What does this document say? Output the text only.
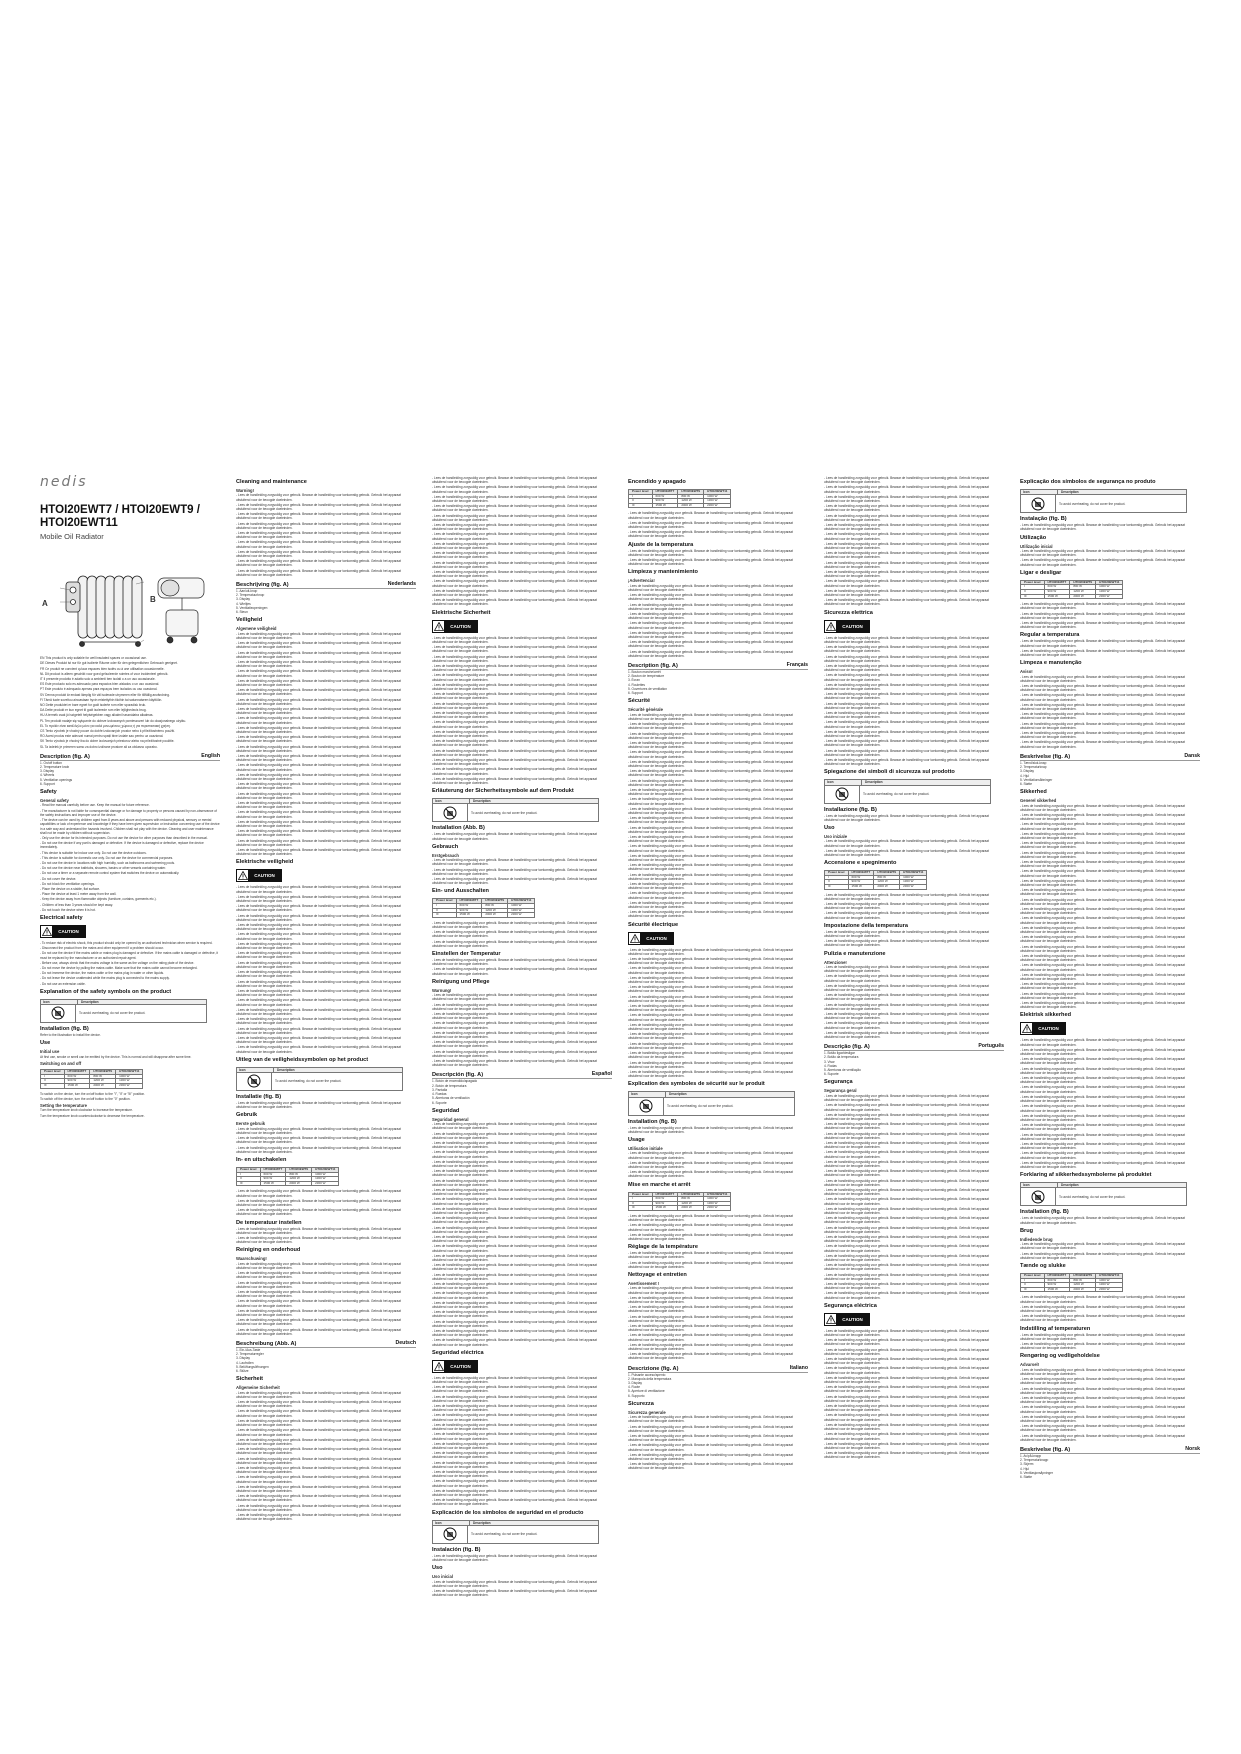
nedis
HTOI20EWT7 / HTOI20EWT9 / HTOI20EWT11
Mobile Oil Radiator
A	B
EN This product is only suitable for well insulated spaces or occasional use.
DE Dieses Produkt ist nur für gut isolierte Räume oder für den gelegentlichen Gebrauch geeignet.
FR Ce produit ne convient qu'aux espaces bien isolés ou à une utilisation occasionnelle.
NL Dit product is alleen geschikt voor goed geïsoleerde ruimtes of voor incidenteel gebruik.
IT Il presente prodotto è adatto solo a ambienti ben isolati o a un uso occasionale.
ES Este producto solo es adecuado para espacios bien aislados o un uso ocasional.
PT Este produto é adequado apenas para espaços bem isolados ou uso ocasional.
SV Denna produkt är endast lämplig för väl isolerade utrymmen eller för tillfällig användning.
FI Tämä tuote soveltuu ainoastaan hyvin eristettyihin tiloihin tai satunnaiseen käyttöön.
NO Dette produktet er bare egnet for godt isolerte rom eller sporadisk bruk.
DA Dette produkt er kun egnet til godt isolerede rum eller lejlighedsvis brug.
HU A termék csak jól szigetelt helyiségekben vagy alkalmi használatra alkalmas.
PL Ten produkt nadaje się wyłącznie do dobrze izolowanych pomieszczeń lub do okazjonalnego użytku.
EL Το προϊόν είναι κατάλληλο μόνο για καλά μονωμένους χώρους ή για περιστασιακή χρήση.
CS Tento výrobek je vhodný pouze do dobře izolovaných prostor nebo k příležitostnému použití.
RO Acest produs este adecvat numai pentru spații bine izolate sau pentru uz ocazional.
SK Tento výrobok je vhodný iba do dobre izolovaných priestorov alebo na príležitostné použitie.
SL Ta izdelek je primeren samo za dobro izolirane prostore ali za občasno uporabo.
English
Description (fig. A)
1. On/off button
2. Temperature knob
3. Display
4. Wheels
5. Ventilation openings
6. Support
Safety
General safety
- Read the manual carefully before use. Keep the manual for future reference.
- The manufacturer is not liable for consequential damage or for damage to property or persons caused by non-observance of the safety instructions and improper use of the device.
- The device can be used by children aged from 8 years and above and persons with reduced physical, sensory or mental capabilities or lack of experience and knowledge if they have been given supervision or instruction concerning use of the device in a safe way and understand the hazards involved. Children shall not play with the device. Cleaning and user maintenance shall not be made by children without supervision.
- Only use the device for its intended purposes. Do not use the device for other purposes than described in the manual.
- Do not use the device if any part is damaged or defective. If the device is damaged or defective, replace the device immediately.
- This device is suitable for indoor use only. Do not use the device outdoors.
- This device is suitable for domestic use only. Do not use the device for commercial purposes.
- Do not use the device in locations with high humidity, such as bathrooms and swimming pools.
- Do not use the device near bathtubs, showers, basins or other vessels containing water.
- Do not use a timer or a separate remote control system that switches the device on automatically.
- Do not cover the device.
- Do not block the ventilation openings.
- Place the device on a stable, flat surface.
- Place the device at least 1 metre away from the wall.
- Keep the device away from flammable objects (furniture, curtains, garments etc.).
- Children of less than 3 years should be kept away.
- Do not touch the device when it is hot.
Electrical safety
CAUTION
- To reduce risk of electric shock, this product should only be opened by an authorized technician when service is required.
- Disconnect the product from the mains and other equipment if a problem should occur.
- Do not use the device if the mains cable or mains plug is damaged or defective. If the mains cable is damaged or defective, it must be replaced by the manufacturer or an authorized repair agent.
- Before use, always check that the mains voltage is the same as the voltage on the rating plate of the device.
- Do not move the device by pulling the mains cable. Make sure that the mains cable cannot become entangled.
- Do not immerse the device, the mains cable or the mains plug in water or other liquids.
- Do not leave the device unattended while the mains plug is connected to the mains supply.
- Do not use an extension cable.
Explanation of the safety symbols on the product
Icon	Description
To avoid overheating, do not cover the product.
Installation (fig. B)
Refer to the illustration to install the device.
Use
Initial use
At first use, smoke or smell can be emitted by the device. This is normal and will disappear after some time.
Switching on and off
Power level	HTOI20EWT7	HTOI20EWT9	HTOI20EWT11
I	600 W	800 W	1000 W
II	900 W	1200 W	1300 W
III	1500 W	2000 W	2300 W
To switch on the device, turn the on/off button to the "I", "II" or "III" position.
To switch off the device, turn the on/off button to the "0" position.
Setting the temperature
Turn the temperature knob clockwise to increase the temperature.
Turn the temperature knob counterclockwise to decrease the temperature.
Cleaning and maintenance
Warning!
- Lees de handleiding zorgvuldig voor gebruik. Bewaar de handleiding voor toekomstig gebruik. Gebruik het apparaat uitsluitend voor de beoogde doeleinden.
- Lees de handleiding zorgvuldig voor gebruik. Bewaar de handleiding voor toekomstig gebruik. Gebruik het apparaat uitsluitend voor de beoogde doeleinden.
- Lees de handleiding zorgvuldig voor gebruik. Bewaar de handleiding voor toekomstig gebruik. Gebruik het apparaat uitsluitend voor de beoogde doeleinden.
- Lees de handleiding zorgvuldig voor gebruik. Bewaar de handleiding voor toekomstig gebruik. Gebruik het apparaat uitsluitend voor de beoogde doeleinden.
- Lees de handleiding zorgvuldig voor gebruik. Bewaar de handleiding voor toekomstig gebruik. Gebruik het apparaat uitsluitend voor de beoogde doeleinden.
- Lees de handleiding zorgvuldig voor gebruik. Bewaar de handleiding voor toekomstig gebruik. Gebruik het apparaat uitsluitend voor de beoogde doeleinden.
- Lees de handleiding zorgvuldig voor gebruik. Bewaar de handleiding voor toekomstig gebruik. Gebruik het apparaat uitsluitend voor de beoogde doeleinden.
- Lees de handleiding zorgvuldig voor gebruik. Bewaar de handleiding voor toekomstig gebruik. Gebruik het apparaat uitsluitend voor de beoogde doeleinden.
- Lees de handleiding zorgvuldig voor gebruik. Bewaar de handleiding voor toekomstig gebruik. Gebruik het apparaat uitsluitend voor de beoogde doeleinden.
Nederlands
Beschrijving (fig. A)
1. Aan/uit-knop
2. Temperatuurknop
3. Display
4. Wieltjes
5. Ventilatieopeningen
6. Steun
Veiligheid
Algemene veiligheid
- Lees de handleiding zorgvuldig voor gebruik. Bewaar de handleiding voor toekomstig gebruik. Gebruik het apparaat uitsluitend voor de beoogde doeleinden.
- Lees de handleiding zorgvuldig voor gebruik. Bewaar de handleiding voor toekomstig gebruik. Gebruik het apparaat uitsluitend voor de beoogde doeleinden.
- Lees de handleiding zorgvuldig voor gebruik. Bewaar de handleiding voor toekomstig gebruik. Gebruik het apparaat uitsluitend voor de beoogde doeleinden.
- Lees de handleiding zorgvuldig voor gebruik. Bewaar de handleiding voor toekomstig gebruik. Gebruik het apparaat uitsluitend voor de beoogde doeleinden.
- Lees de handleiding zorgvuldig voor gebruik. Bewaar de handleiding voor toekomstig gebruik. Gebruik het apparaat uitsluitend voor de beoogde doeleinden.
- Lees de handleiding zorgvuldig voor gebruik. Bewaar de handleiding voor toekomstig gebruik. Gebruik het apparaat uitsluitend voor de beoogde doeleinden.
- Lees de handleiding zorgvuldig voor gebruik. Bewaar de handleiding voor toekomstig gebruik. Gebruik het apparaat uitsluitend voor de beoogde doeleinden.
- Lees de handleiding zorgvuldig voor gebruik. Bewaar de handleiding voor toekomstig gebruik. Gebruik het apparaat uitsluitend voor de beoogde doeleinden.
- Lees de handleiding zorgvuldig voor gebruik. Bewaar de handleiding voor toekomstig gebruik. Gebruik het apparaat uitsluitend voor de beoogde doeleinden.
- Lees de handleiding zorgvuldig voor gebruik. Bewaar de handleiding voor toekomstig gebruik. Gebruik het apparaat uitsluitend voor de beoogde doeleinden.
- Lees de handleiding zorgvuldig voor gebruik. Bewaar de handleiding voor toekomstig gebruik. Gebruik het apparaat uitsluitend voor de beoogde doeleinden.
- Lees de handleiding zorgvuldig voor gebruik. Bewaar de handleiding voor toekomstig gebruik. Gebruik het apparaat uitsluitend voor de beoogde doeleinden.
- Lees de handleiding zorgvuldig voor gebruik. Bewaar de handleiding voor toekomstig gebruik. Gebruik het apparaat uitsluitend voor de beoogde doeleinden.
- Lees de handleiding zorgvuldig voor gebruik. Bewaar de handleiding voor toekomstig gebruik. Gebruik het apparaat uitsluitend voor de beoogde doeleinden.
- Lees de handleiding zorgvuldig voor gebruik. Bewaar de handleiding voor toekomstig gebruik. Gebruik het apparaat uitsluitend voor de beoogde doeleinden.
- Lees de handleiding zorgvuldig voor gebruik. Bewaar de handleiding voor toekomstig gebruik. Gebruik het apparaat uitsluitend voor de beoogde doeleinden.
- Lees de handleiding zorgvuldig voor gebruik. Bewaar de handleiding voor toekomstig gebruik. Gebruik het apparaat uitsluitend voor de beoogde doeleinden.
- Lees de handleiding zorgvuldig voor gebruik. Bewaar de handleiding voor toekomstig gebruik. Gebruik het apparaat uitsluitend voor de beoogde doeleinden.
- Lees de handleiding zorgvuldig voor gebruik. Bewaar de handleiding voor toekomstig gebruik. Gebruik het apparaat uitsluitend voor de beoogde doeleinden.
- Lees de handleiding zorgvuldig voor gebruik. Bewaar de handleiding voor toekomstig gebruik. Gebruik het apparaat uitsluitend voor de beoogde doeleinden.
- Lees de handleiding zorgvuldig voor gebruik. Bewaar de handleiding voor toekomstig gebruik. Gebruik het apparaat uitsluitend voor de beoogde doeleinden.
- Lees de handleiding zorgvuldig voor gebruik. Bewaar de handleiding voor toekomstig gebruik. Gebruik het apparaat uitsluitend voor de beoogde doeleinden.
- Lees de handleiding zorgvuldig voor gebruik. Bewaar de handleiding voor toekomstig gebruik. Gebruik het apparaat uitsluitend voor de beoogde doeleinden.
- Lees de handleiding zorgvuldig voor gebruik. Bewaar de handleiding voor toekomstig gebruik. Gebruik het apparaat uitsluitend voor de beoogde doeleinden.
Elektrische veiligheid
CAUTION
- Lees de handleiding zorgvuldig voor gebruik. Bewaar de handleiding voor toekomstig gebruik. Gebruik het apparaat uitsluitend voor de beoogde doeleinden.
- Lees de handleiding zorgvuldig voor gebruik. Bewaar de handleiding voor toekomstig gebruik. Gebruik het apparaat uitsluitend voor de beoogde doeleinden.
- Lees de handleiding zorgvuldig voor gebruik. Bewaar de handleiding voor toekomstig gebruik. Gebruik het apparaat uitsluitend voor de beoogde doeleinden.
- Lees de handleiding zorgvuldig voor gebruik. Bewaar de handleiding voor toekomstig gebruik. Gebruik het apparaat uitsluitend voor de beoogde doeleinden.
- Lees de handleiding zorgvuldig voor gebruik. Bewaar de handleiding voor toekomstig gebruik. Gebruik het apparaat uitsluitend voor de beoogde doeleinden.
- Lees de handleiding zorgvuldig voor gebruik. Bewaar de handleiding voor toekomstig gebruik. Gebruik het apparaat uitsluitend voor de beoogde doeleinden.
- Lees de handleiding zorgvuldig voor gebruik. Bewaar de handleiding voor toekomstig gebruik. Gebruik het apparaat uitsluitend voor de beoogde doeleinden.
- Lees de handleiding zorgvuldig voor gebruik. Bewaar de handleiding voor toekomstig gebruik. Gebruik het apparaat uitsluitend voor de beoogde doeleinden.
- Lees de handleiding zorgvuldig voor gebruik. Bewaar de handleiding voor toekomstig gebruik. Gebruik het apparaat uitsluitend voor de beoogde doeleinden.
- Lees de handleiding zorgvuldig voor gebruik. Bewaar de handleiding voor toekomstig gebruik. Gebruik het apparaat uitsluitend voor de beoogde doeleinden.
- Lees de handleiding zorgvuldig voor gebruik. Bewaar de handleiding voor toekomstig gebruik. Gebruik het apparaat uitsluitend voor de beoogde doeleinden.
- Lees de handleiding zorgvuldig voor gebruik. Bewaar de handleiding voor toekomstig gebruik. Gebruik het apparaat uitsluitend voor de beoogde doeleinden.
- Lees de handleiding zorgvuldig voor gebruik. Bewaar de handleiding voor toekomstig gebruik. Gebruik het apparaat uitsluitend voor de beoogde doeleinden.
- Lees de handleiding zorgvuldig voor gebruik. Bewaar de handleiding voor toekomstig gebruik. Gebruik het apparaat uitsluitend voor de beoogde doeleinden.
- Lees de handleiding zorgvuldig voor gebruik. Bewaar de handleiding voor toekomstig gebruik. Gebruik het apparaat uitsluitend voor de beoogde doeleinden.
- Lees de handleiding zorgvuldig voor gebruik. Bewaar de handleiding voor toekomstig gebruik. Gebruik het apparaat uitsluitend voor de beoogde doeleinden.
- Lees de handleiding zorgvuldig voor gebruik. Bewaar de handleiding voor toekomstig gebruik. Gebruik het apparaat uitsluitend voor de beoogde doeleinden.
- Lees de handleiding zorgvuldig voor gebruik. Bewaar de handleiding voor toekomstig gebruik. Gebruik het apparaat uitsluitend voor de beoogde doeleinden.
Uitleg van de veiligheidssymbolen op het product
Icon	Description
To avoid overheating, do not cover the product.
Installatie (fig. B)
- Lees de handleiding zorgvuldig voor gebruik. Bewaar de handleiding voor toekomstig gebruik. Gebruik het apparaat uitsluitend voor de beoogde doeleinden.
Gebruik
Eerste gebruik
- Lees de handleiding zorgvuldig voor gebruik. Bewaar de handleiding voor toekomstig gebruik. Gebruik het apparaat uitsluitend voor de beoogde doeleinden.
- Lees de handleiding zorgvuldig voor gebruik. Bewaar de handleiding voor toekomstig gebruik. Gebruik het apparaat uitsluitend voor de beoogde doeleinden.
- Lees de handleiding zorgvuldig voor gebruik. Bewaar de handleiding voor toekomstig gebruik. Gebruik het apparaat uitsluitend voor de beoogde doeleinden.
In- en uitschakelen
Power level	HTOI20EWT7	HTOI20EWT9	HTOI20EWT11
I	600 W	800 W	1000 W
II	900 W	1200 W	1300 W
III	1500 W	2000 W	2300 W
- Lees de handleiding zorgvuldig voor gebruik. Bewaar de handleiding voor toekomstig gebruik. Gebruik het apparaat uitsluitend voor de beoogde doeleinden.
- Lees de handleiding zorgvuldig voor gebruik. Bewaar de handleiding voor toekomstig gebruik. Gebruik het apparaat uitsluitend voor de beoogde doeleinden.
- Lees de handleiding zorgvuldig voor gebruik. Bewaar de handleiding voor toekomstig gebruik. Gebruik het apparaat uitsluitend voor de beoogde doeleinden.
De temperatuur instellen
- Lees de handleiding zorgvuldig voor gebruik. Bewaar de handleiding voor toekomstig gebruik. Gebruik het apparaat uitsluitend voor de beoogde doeleinden.
- Lees de handleiding zorgvuldig voor gebruik. Bewaar de handleiding voor toekomstig gebruik. Gebruik het apparaat uitsluitend voor de beoogde doeleinden.
Reiniging en onderhoud
Waarschuwing!
- Lees de handleiding zorgvuldig voor gebruik. Bewaar de handleiding voor toekomstig gebruik. Gebruik het apparaat uitsluitend voor de beoogde doeleinden.
- Lees de handleiding zorgvuldig voor gebruik. Bewaar de handleiding voor toekomstig gebruik. Gebruik het apparaat uitsluitend voor de beoogde doeleinden.
- Lees de handleiding zorgvuldig voor gebruik. Bewaar de handleiding voor toekomstig gebruik. Gebruik het apparaat uitsluitend voor de beoogde doeleinden.
- Lees de handleiding zorgvuldig voor gebruik. Bewaar de handleiding voor toekomstig gebruik. Gebruik het apparaat uitsluitend voor de beoogde doeleinden.
- Lees de handleiding zorgvuldig voor gebruik. Bewaar de handleiding voor toekomstig gebruik. Gebruik het apparaat uitsluitend voor de beoogde doeleinden.
- Lees de handleiding zorgvuldig voor gebruik. Bewaar de handleiding voor toekomstig gebruik. Gebruik het apparaat uitsluitend voor de beoogde doeleinden.
- Lees de handleiding zorgvuldig voor gebruik. Bewaar de handleiding voor toekomstig gebruik. Gebruik het apparaat uitsluitend voor de beoogde doeleinden.
- Lees de handleiding zorgvuldig voor gebruik. Bewaar de handleiding voor toekomstig gebruik. Gebruik het apparaat uitsluitend voor de beoogde doeleinden.
Deutsch
Beschreibung (Abb. A)
1. Ein-/Aus-Taste
2. Temperaturregler
3. Display
4. Laufrollen
5. Belüftungsöffnungen
6. Stütze
Sicherheit
Allgemeine Sicherheit
- Lees de handleiding zorgvuldig voor gebruik. Bewaar de handleiding voor toekomstig gebruik. Gebruik het apparaat uitsluitend voor de beoogde doeleinden.
- Lees de handleiding zorgvuldig voor gebruik. Bewaar de handleiding voor toekomstig gebruik. Gebruik het apparaat uitsluitend voor de beoogde doeleinden.
- Lees de handleiding zorgvuldig voor gebruik. Bewaar de handleiding voor toekomstig gebruik. Gebruik het apparaat uitsluitend voor de beoogde doeleinden.
- Lees de handleiding zorgvuldig voor gebruik. Bewaar de handleiding voor toekomstig gebruik. Gebruik het apparaat uitsluitend voor de beoogde doeleinden.
- Lees de handleiding zorgvuldig voor gebruik. Bewaar de handleiding voor toekomstig gebruik. Gebruik het apparaat uitsluitend voor de beoogde doeleinden.
- Lees de handleiding zorgvuldig voor gebruik. Bewaar de handleiding voor toekomstig gebruik. Gebruik het apparaat uitsluitend voor de beoogde doeleinden.
- Lees de handleiding zorgvuldig voor gebruik. Bewaar de handleiding voor toekomstig gebruik. Gebruik het apparaat uitsluitend voor de beoogde doeleinden.
- Lees de handleiding zorgvuldig voor gebruik. Bewaar de handleiding voor toekomstig gebruik. Gebruik het apparaat uitsluitend voor de beoogde doeleinden.
- Lees de handleiding zorgvuldig voor gebruik. Bewaar de handleiding voor toekomstig gebruik. Gebruik het apparaat uitsluitend voor de beoogde doeleinden.
- Lees de handleiding zorgvuldig voor gebruik. Bewaar de handleiding voor toekomstig gebruik. Gebruik het apparaat uitsluitend voor de beoogde doeleinden.
- Lees de handleiding zorgvuldig voor gebruik. Bewaar de handleiding voor toekomstig gebruik. Gebruik het apparaat uitsluitend voor de beoogde doeleinden.
- Lees de handleiding zorgvuldig voor gebruik. Bewaar de handleiding voor toekomstig gebruik. Gebruik het apparaat uitsluitend voor de beoogde doeleinden.
- Lees de handleiding zorgvuldig voor gebruik. Bewaar de handleiding voor toekomstig gebruik. Gebruik het apparaat uitsluitend voor de beoogde doeleinden.
- Lees de handleiding zorgvuldig voor gebruik. Bewaar de handleiding voor toekomstig gebruik. Gebruik het apparaat uitsluitend voor de beoogde doeleinden.
- Lees de handleiding zorgvuldig voor gebruik. Bewaar de handleiding voor toekomstig gebruik. Gebruik het apparaat uitsluitend voor de beoogde doeleinden.
- Lees de handleiding zorgvuldig voor gebruik. Bewaar de handleiding voor toekomstig gebruik. Gebruik het apparaat uitsluitend voor de beoogde doeleinden.
- Lees de handleiding zorgvuldig voor gebruik. Bewaar de handleiding voor toekomstig gebruik. Gebruik het apparaat uitsluitend voor de beoogde doeleinden.
- Lees de handleiding zorgvuldig voor gebruik. Bewaar de handleiding voor toekomstig gebruik. Gebruik het apparaat uitsluitend voor de beoogde doeleinden.
- Lees de handleiding zorgvuldig voor gebruik. Bewaar de handleiding voor toekomstig gebruik. Gebruik het apparaat uitsluitend voor de beoogde doeleinden.
- Lees de handleiding zorgvuldig voor gebruik. Bewaar de handleiding voor toekomstig gebruik. Gebruik het apparaat uitsluitend voor de beoogde doeleinden.
- Lees de handleiding zorgvuldig voor gebruik. Bewaar de handleiding voor toekomstig gebruik. Gebruik het apparaat uitsluitend voor de beoogde doeleinden.
- Lees de handleiding zorgvuldig voor gebruik. Bewaar de handleiding voor toekomstig gebruik. Gebruik het apparaat uitsluitend voor de beoogde doeleinden.
- Lees de handleiding zorgvuldig voor gebruik. Bewaar de handleiding voor toekomstig gebruik. Gebruik het apparaat uitsluitend voor de beoogde doeleinden.
- Lees de handleiding zorgvuldig voor gebruik. Bewaar de handleiding voor toekomstig gebruik. Gebruik het apparaat uitsluitend voor de beoogde doeleinden.
- Lees de handleiding zorgvuldig voor gebruik. Bewaar de handleiding voor toekomstig gebruik. Gebruik het apparaat uitsluitend voor de beoogde doeleinden.
- Lees de handleiding zorgvuldig voor gebruik. Bewaar de handleiding voor toekomstig gebruik. Gebruik het apparaat uitsluitend voor de beoogde doeleinden.
- Lees de handleiding zorgvuldig voor gebruik. Bewaar de handleiding voor toekomstig gebruik. Gebruik het apparaat uitsluitend voor de beoogde doeleinden.
- Lees de handleiding zorgvuldig voor gebruik. Bewaar de handleiding voor toekomstig gebruik. Gebruik het apparaat uitsluitend voor de beoogde doeleinden.
Elektrische Sicherheit
CAUTION
- Lees de handleiding zorgvuldig voor gebruik. Bewaar de handleiding voor toekomstig gebruik. Gebruik het apparaat uitsluitend voor de beoogde doeleinden.
- Lees de handleiding zorgvuldig voor gebruik. Bewaar de handleiding voor toekomstig gebruik. Gebruik het apparaat uitsluitend voor de beoogde doeleinden.
- Lees de handleiding zorgvuldig voor gebruik. Bewaar de handleiding voor toekomstig gebruik. Gebruik het apparaat uitsluitend voor de beoogde doeleinden.
- Lees de handleiding zorgvuldig voor gebruik. Bewaar de handleiding voor toekomstig gebruik. Gebruik het apparaat uitsluitend voor de beoogde doeleinden.
- Lees de handleiding zorgvuldig voor gebruik. Bewaar de handleiding voor toekomstig gebruik. Gebruik het apparaat uitsluitend voor de beoogde doeleinden.
- Lees de handleiding zorgvuldig voor gebruik. Bewaar de handleiding voor toekomstig gebruik. Gebruik het apparaat uitsluitend voor de beoogde doeleinden.
- Lees de handleiding zorgvuldig voor gebruik. Bewaar de handleiding voor toekomstig gebruik. Gebruik het apparaat uitsluitend voor de beoogde doeleinden.
- Lees de handleiding zorgvuldig voor gebruik. Bewaar de handleiding voor toekomstig gebruik. Gebruik het apparaat uitsluitend voor de beoogde doeleinden.
- Lees de handleiding zorgvuldig voor gebruik. Bewaar de handleiding voor toekomstig gebruik. Gebruik het apparaat uitsluitend voor de beoogde doeleinden.
- Lees de handleiding zorgvuldig voor gebruik. Bewaar de handleiding voor toekomstig gebruik. Gebruik het apparaat uitsluitend voor de beoogde doeleinden.
- Lees de handleiding zorgvuldig voor gebruik. Bewaar de handleiding voor toekomstig gebruik. Gebruik het apparaat uitsluitend voor de beoogde doeleinden.
- Lees de handleiding zorgvuldig voor gebruik. Bewaar de handleiding voor toekomstig gebruik. Gebruik het apparaat uitsluitend voor de beoogde doeleinden.
- Lees de handleiding zorgvuldig voor gebruik. Bewaar de handleiding voor toekomstig gebruik. Gebruik het apparaat uitsluitend voor de beoogde doeleinden.
- Lees de handleiding zorgvuldig voor gebruik. Bewaar de handleiding voor toekomstig gebruik. Gebruik het apparaat uitsluitend voor de beoogde doeleinden.
- Lees de handleiding zorgvuldig voor gebruik. Bewaar de handleiding voor toekomstig gebruik. Gebruik het apparaat uitsluitend voor de beoogde doeleinden.
- Lees de handleiding zorgvuldig voor gebruik. Bewaar de handleiding voor toekomstig gebruik. Gebruik het apparaat uitsluitend voor de beoogde doeleinden.
Erläuterung der Sicherheitssymbole auf dem Produkt
Icon	Description
To avoid overheating, do not cover the product.
Installation (Abb. B)
- Lees de handleiding zorgvuldig voor gebruik. Bewaar de handleiding voor toekomstig gebruik. Gebruik het apparaat uitsluitend voor de beoogde doeleinden.
Gebrauch
Erstgebrauch
- Lees de handleiding zorgvuldig voor gebruik. Bewaar de handleiding voor toekomstig gebruik. Gebruik het apparaat uitsluitend voor de beoogde doeleinden.
- Lees de handleiding zorgvuldig voor gebruik. Bewaar de handleiding voor toekomstig gebruik. Gebruik het apparaat uitsluitend voor de beoogde doeleinden.
- Lees de handleiding zorgvuldig voor gebruik. Bewaar de handleiding voor toekomstig gebruik. Gebruik het apparaat uitsluitend voor de beoogde doeleinden.
Ein- und Ausschalten
Power level	HTOI20EWT7	HTOI20EWT9	HTOI20EWT11
I	600 W	800 W	1000 W
II	900 W	1200 W	1300 W
III	1500 W	2000 W	2300 W
- Lees de handleiding zorgvuldig voor gebruik. Bewaar de handleiding voor toekomstig gebruik. Gebruik het apparaat uitsluitend voor de beoogde doeleinden.
- Lees de handleiding zorgvuldig voor gebruik. Bewaar de handleiding voor toekomstig gebruik. Gebruik het apparaat uitsluitend voor de beoogde doeleinden.
- Lees de handleiding zorgvuldig voor gebruik. Bewaar de handleiding voor toekomstig gebruik. Gebruik het apparaat uitsluitend voor de beoogde doeleinden.
Einstellen der Temperatur
- Lees de handleiding zorgvuldig voor gebruik. Bewaar de handleiding voor toekomstig gebruik. Gebruik het apparaat uitsluitend voor de beoogde doeleinden.
- Lees de handleiding zorgvuldig voor gebruik. Bewaar de handleiding voor toekomstig gebruik. Gebruik het apparaat uitsluitend voor de beoogde doeleinden.
Reinigung und Pflege
Warnung!
- Lees de handleiding zorgvuldig voor gebruik. Bewaar de handleiding voor toekomstig gebruik. Gebruik het apparaat uitsluitend voor de beoogde doeleinden.
- Lees de handleiding zorgvuldig voor gebruik. Bewaar de handleiding voor toekomstig gebruik. Gebruik het apparaat uitsluitend voor de beoogde doeleinden.
- Lees de handleiding zorgvuldig voor gebruik. Bewaar de handleiding voor toekomstig gebruik. Gebruik het apparaat uitsluitend voor de beoogde doeleinden.
- Lees de handleiding zorgvuldig voor gebruik. Bewaar de handleiding voor toekomstig gebruik. Gebruik het apparaat uitsluitend voor de beoogde doeleinden.
- Lees de handleiding zorgvuldig voor gebruik. Bewaar de handleiding voor toekomstig gebruik. Gebruik het apparaat uitsluitend voor de beoogde doeleinden.
- Lees de handleiding zorgvuldig voor gebruik. Bewaar de handleiding voor toekomstig gebruik. Gebruik het apparaat uitsluitend voor de beoogde doeleinden.
- Lees de handleiding zorgvuldig voor gebruik. Bewaar de handleiding voor toekomstig gebruik. Gebruik het apparaat uitsluitend voor de beoogde doeleinden.
- Lees de handleiding zorgvuldig voor gebruik. Bewaar de handleiding voor toekomstig gebruik. Gebruik het apparaat uitsluitend voor de beoogde doeleinden.
Español
Descripción (fig. A)
1. Botón de encendido/apagado
2. Botón de temperatura
3. Pantalla
4. Ruedas
5. Aberturas de ventilación
6. Soporte
Seguridad
Seguridad general
- Lees de handleiding zorgvuldig voor gebruik. Bewaar de handleiding voor toekomstig gebruik. Gebruik het apparaat uitsluitend voor de beoogde doeleinden.
- Lees de handleiding zorgvuldig voor gebruik. Bewaar de handleiding voor toekomstig gebruik. Gebruik het apparaat uitsluitend voor de beoogde doeleinden.
- Lees de handleiding zorgvuldig voor gebruik. Bewaar de handleiding voor toekomstig gebruik. Gebruik het apparaat uitsluitend voor de beoogde doeleinden.
- Lees de handleiding zorgvuldig voor gebruik. Bewaar de handleiding voor toekomstig gebruik. Gebruik het apparaat uitsluitend voor de beoogde doeleinden.
- Lees de handleiding zorgvuldig voor gebruik. Bewaar de handleiding voor toekomstig gebruik. Gebruik het apparaat uitsluitend voor de beoogde doeleinden.
- Lees de handleiding zorgvuldig voor gebruik. Bewaar de handleiding voor toekomstig gebruik. Gebruik het apparaat uitsluitend voor de beoogde doeleinden.
- Lees de handleiding zorgvuldig voor gebruik. Bewaar de handleiding voor toekomstig gebruik. Gebruik het apparaat uitsluitend voor de beoogde doeleinden.
- Lees de handleiding zorgvuldig voor gebruik. Bewaar de handleiding voor toekomstig gebruik. Gebruik het apparaat uitsluitend voor de beoogde doeleinden.
- Lees de handleiding zorgvuldig voor gebruik. Bewaar de handleiding voor toekomstig gebruik. Gebruik het apparaat uitsluitend voor de beoogde doeleinden.
- Lees de handleiding zorgvuldig voor gebruik. Bewaar de handleiding voor toekomstig gebruik. Gebruik het apparaat uitsluitend voor de beoogde doeleinden.
- Lees de handleiding zorgvuldig voor gebruik. Bewaar de handleiding voor toekomstig gebruik. Gebruik het apparaat uitsluitend voor de beoogde doeleinden.
- Lees de handleiding zorgvuldig voor gebruik. Bewaar de handleiding voor toekomstig gebruik. Gebruik het apparaat uitsluitend voor de beoogde doeleinden.
- Lees de handleiding zorgvuldig voor gebruik. Bewaar de handleiding voor toekomstig gebruik. Gebruik het apparaat uitsluitend voor de beoogde doeleinden.
- Lees de handleiding zorgvuldig voor gebruik. Bewaar de handleiding voor toekomstig gebruik. Gebruik het apparaat uitsluitend voor de beoogde doeleinden.
- Lees de handleiding zorgvuldig voor gebruik. Bewaar de handleiding voor toekomstig gebruik. Gebruik het apparaat uitsluitend voor de beoogde doeleinden.
- Lees de handleiding zorgvuldig voor gebruik. Bewaar de handleiding voor toekomstig gebruik. Gebruik het apparaat uitsluitend voor de beoogde doeleinden.
- Lees de handleiding zorgvuldig voor gebruik. Bewaar de handleiding voor toekomstig gebruik. Gebruik het apparaat uitsluitend voor de beoogde doeleinden.
- Lees de handleiding zorgvuldig voor gebruik. Bewaar de handleiding voor toekomstig gebruik. Gebruik het apparaat uitsluitend voor de beoogde doeleinden.
- Lees de handleiding zorgvuldig voor gebruik. Bewaar de handleiding voor toekomstig gebruik. Gebruik het apparaat uitsluitend voor de beoogde doeleinden.
- Lees de handleiding zorgvuldig voor gebruik. Bewaar de handleiding voor toekomstig gebruik. Gebruik het apparaat uitsluitend voor de beoogde doeleinden.
- Lees de handleiding zorgvuldig voor gebruik. Bewaar de handleiding voor toekomstig gebruik. Gebruik het apparaat uitsluitend voor de beoogde doeleinden.
- Lees de handleiding zorgvuldig voor gebruik. Bewaar de handleiding voor toekomstig gebruik. Gebruik het apparaat uitsluitend voor de beoogde doeleinden.
- Lees de handleiding zorgvuldig voor gebruik. Bewaar de handleiding voor toekomstig gebruik. Gebruik het apparaat uitsluitend voor de beoogde doeleinden.
- Lees de handleiding zorgvuldig voor gebruik. Bewaar de handleiding voor toekomstig gebruik. Gebruik het apparaat uitsluitend voor de beoogde doeleinden.
Seguridad eléctrica
CAUTION
- Lees de handleiding zorgvuldig voor gebruik. Bewaar de handleiding voor toekomstig gebruik. Gebruik het apparaat uitsluitend voor de beoogde doeleinden.
- Lees de handleiding zorgvuldig voor gebruik. Bewaar de handleiding voor toekomstig gebruik. Gebruik het apparaat uitsluitend voor de beoogde doeleinden.
- Lees de handleiding zorgvuldig voor gebruik. Bewaar de handleiding voor toekomstig gebruik. Gebruik het apparaat uitsluitend voor de beoogde doeleinden.
- Lees de handleiding zorgvuldig voor gebruik. Bewaar de handleiding voor toekomstig gebruik. Gebruik het apparaat uitsluitend voor de beoogde doeleinden.
- Lees de handleiding zorgvuldig voor gebruik. Bewaar de handleiding voor toekomstig gebruik. Gebruik het apparaat uitsluitend voor de beoogde doeleinden.
- Lees de handleiding zorgvuldig voor gebruik. Bewaar de handleiding voor toekomstig gebruik. Gebruik het apparaat uitsluitend voor de beoogde doeleinden.
- Lees de handleiding zorgvuldig voor gebruik. Bewaar de handleiding voor toekomstig gebruik. Gebruik het apparaat uitsluitend voor de beoogde doeleinden.
- Lees de handleiding zorgvuldig voor gebruik. Bewaar de handleiding voor toekomstig gebruik. Gebruik het apparaat uitsluitend voor de beoogde doeleinden.
- Lees de handleiding zorgvuldig voor gebruik. Bewaar de handleiding voor toekomstig gebruik. Gebruik het apparaat uitsluitend voor de beoogde doeleinden.
- Lees de handleiding zorgvuldig voor gebruik. Bewaar de handleiding voor toekomstig gebruik. Gebruik het apparaat uitsluitend voor de beoogde doeleinden.
- Lees de handleiding zorgvuldig voor gebruik. Bewaar de handleiding voor toekomstig gebruik. Gebruik het apparaat uitsluitend voor de beoogde doeleinden.
- Lees de handleiding zorgvuldig voor gebruik. Bewaar de handleiding voor toekomstig gebruik. Gebruik het apparaat uitsluitend voor de beoogde doeleinden.
- Lees de handleiding zorgvuldig voor gebruik. Bewaar de handleiding voor toekomstig gebruik. Gebruik het apparaat uitsluitend voor de beoogde doeleinden.
- Lees de handleiding zorgvuldig voor gebruik. Bewaar de handleiding voor toekomstig gebruik. Gebruik het apparaat uitsluitend voor de beoogde doeleinden.
Explicación de los símbolos de seguridad en el producto
Icon	Description
To avoid overheating, do not cover the product.
Instalación (fig. B)
- Lees de handleiding zorgvuldig voor gebruik. Bewaar de handleiding voor toekomstig gebruik. Gebruik het apparaat uitsluitend voor de beoogde doeleinden.
Uso
Uso inicial
- Lees de handleiding zorgvuldig voor gebruik. Bewaar de handleiding voor toekomstig gebruik. Gebruik het apparaat uitsluitend voor de beoogde doeleinden.
- Lees de handleiding zorgvuldig voor gebruik. Bewaar de handleiding voor toekomstig gebruik. Gebruik het apparaat uitsluitend voor de beoogde doeleinden.
Encendido y apagado
Power level	HTOI20EWT7	HTOI20EWT9	HTOI20EWT11
I	600 W	800 W	1000 W
II	900 W	1200 W	1300 W
III	1500 W	2000 W	2300 W
- Lees de handleiding zorgvuldig voor gebruik. Bewaar de handleiding voor toekomstig gebruik. Gebruik het apparaat uitsluitend voor de beoogde doeleinden.
- Lees de handleiding zorgvuldig voor gebruik. Bewaar de handleiding voor toekomstig gebruik. Gebruik het apparaat uitsluitend voor de beoogde doeleinden.
- Lees de handleiding zorgvuldig voor gebruik. Bewaar de handleiding voor toekomstig gebruik. Gebruik het apparaat uitsluitend voor de beoogde doeleinden.
Ajuste de la temperatura
- Lees de handleiding zorgvuldig voor gebruik. Bewaar de handleiding voor toekomstig gebruik. Gebruik het apparaat uitsluitend voor de beoogde doeleinden.
- Lees de handleiding zorgvuldig voor gebruik. Bewaar de handleiding voor toekomstig gebruik. Gebruik het apparaat uitsluitend voor de beoogde doeleinden.
Limpieza y mantenimiento
¡Advertencia!
- Lees de handleiding zorgvuldig voor gebruik. Bewaar de handleiding voor toekomstig gebruik. Gebruik het apparaat uitsluitend voor de beoogde doeleinden.
- Lees de handleiding zorgvuldig voor gebruik. Bewaar de handleiding voor toekomstig gebruik. Gebruik het apparaat uitsluitend voor de beoogde doeleinden.
- Lees de handleiding zorgvuldig voor gebruik. Bewaar de handleiding voor toekomstig gebruik. Gebruik het apparaat uitsluitend voor de beoogde doeleinden.
- Lees de handleiding zorgvuldig voor gebruik. Bewaar de handleiding voor toekomstig gebruik. Gebruik het apparaat uitsluitend voor de beoogde doeleinden.
- Lees de handleiding zorgvuldig voor gebruik. Bewaar de handleiding voor toekomstig gebruik. Gebruik het apparaat uitsluitend voor de beoogde doeleinden.
- Lees de handleiding zorgvuldig voor gebruik. Bewaar de handleiding voor toekomstig gebruik. Gebruik het apparaat uitsluitend voor de beoogde doeleinden.
- Lees de handleiding zorgvuldig voor gebruik. Bewaar de handleiding voor toekomstig gebruik. Gebruik het apparaat uitsluitend voor de beoogde doeleinden.
- Lees de handleiding zorgvuldig voor gebruik. Bewaar de handleiding voor toekomstig gebruik. Gebruik het apparaat uitsluitend voor de beoogde doeleinden.
Français
Description (fig. A)
1. Bouton marche/arrêt
2. Bouton de température
3. Écran
4. Roulettes
5. Ouvertures de ventilation
6. Support
Sécurité
Sécurité générale
- Lees de handleiding zorgvuldig voor gebruik. Bewaar de handleiding voor toekomstig gebruik. Gebruik het apparaat uitsluitend voor de beoogde doeleinden.
- Lees de handleiding zorgvuldig voor gebruik. Bewaar de handleiding voor toekomstig gebruik. Gebruik het apparaat uitsluitend voor de beoogde doeleinden.
- Lees de handleiding zorgvuldig voor gebruik. Bewaar de handleiding voor toekomstig gebruik. Gebruik het apparaat uitsluitend voor de beoogde doeleinden.
- Lees de handleiding zorgvuldig voor gebruik. Bewaar de handleiding voor toekomstig gebruik. Gebruik het apparaat uitsluitend voor de beoogde doeleinden.
- Lees de handleiding zorgvuldig voor gebruik. Bewaar de handleiding voor toekomstig gebruik. Gebruik het apparaat uitsluitend voor de beoogde doeleinden.
- Lees de handleiding zorgvuldig voor gebruik. Bewaar de handleiding voor toekomstig gebruik. Gebruik het apparaat uitsluitend voor de beoogde doeleinden.
- Lees de handleiding zorgvuldig voor gebruik. Bewaar de handleiding voor toekomstig gebruik. Gebruik het apparaat uitsluitend voor de beoogde doeleinden.
- Lees de handleiding zorgvuldig voor gebruik. Bewaar de handleiding voor toekomstig gebruik. Gebruik het apparaat uitsluitend voor de beoogde doeleinden.
- Lees de handleiding zorgvuldig voor gebruik. Bewaar de handleiding voor toekomstig gebruik. Gebruik het apparaat uitsluitend voor de beoogde doeleinden.
- Lees de handleiding zorgvuldig voor gebruik. Bewaar de handleiding voor toekomstig gebruik. Gebruik het apparaat uitsluitend voor de beoogde doeleinden.
- Lees de handleiding zorgvuldig voor gebruik. Bewaar de handleiding voor toekomstig gebruik. Gebruik het apparaat uitsluitend voor de beoogde doeleinden.
- Lees de handleiding zorgvuldig voor gebruik. Bewaar de handleiding voor toekomstig gebruik. Gebruik het apparaat uitsluitend voor de beoogde doeleinden.
- Lees de handleiding zorgvuldig voor gebruik. Bewaar de handleiding voor toekomstig gebruik. Gebruik het apparaat uitsluitend voor de beoogde doeleinden.
- Lees de handleiding zorgvuldig voor gebruik. Bewaar de handleiding voor toekomstig gebruik. Gebruik het apparaat uitsluitend voor de beoogde doeleinden.
- Lees de handleiding zorgvuldig voor gebruik. Bewaar de handleiding voor toekomstig gebruik. Gebruik het apparaat uitsluitend voor de beoogde doeleinden.
- Lees de handleiding zorgvuldig voor gebruik. Bewaar de handleiding voor toekomstig gebruik. Gebruik het apparaat uitsluitend voor de beoogde doeleinden.
- Lees de handleiding zorgvuldig voor gebruik. Bewaar de handleiding voor toekomstig gebruik. Gebruik het apparaat uitsluitend voor de beoogde doeleinden.
- Lees de handleiding zorgvuldig voor gebruik. Bewaar de handleiding voor toekomstig gebruik. Gebruik het apparaat uitsluitend voor de beoogde doeleinden.
- Lees de handleiding zorgvuldig voor gebruik. Bewaar de handleiding voor toekomstig gebruik. Gebruik het apparaat uitsluitend voor de beoogde doeleinden.
- Lees de handleiding zorgvuldig voor gebruik. Bewaar de handleiding voor toekomstig gebruik. Gebruik het apparaat uitsluitend voor de beoogde doeleinden.
- Lees de handleiding zorgvuldig voor gebruik. Bewaar de handleiding voor toekomstig gebruik. Gebruik het apparaat uitsluitend voor de beoogde doeleinden.
- Lees de handleiding zorgvuldig voor gebruik. Bewaar de handleiding voor toekomstig gebruik. Gebruik het apparaat uitsluitend voor de beoogde doeleinden.
Sécurité électrique
CAUTION
- Lees de handleiding zorgvuldig voor gebruik. Bewaar de handleiding voor toekomstig gebruik. Gebruik het apparaat uitsluitend voor de beoogde doeleinden.
- Lees de handleiding zorgvuldig voor gebruik. Bewaar de handleiding voor toekomstig gebruik. Gebruik het apparaat uitsluitend voor de beoogde doeleinden.
- Lees de handleiding zorgvuldig voor gebruik. Bewaar de handleiding voor toekomstig gebruik. Gebruik het apparaat uitsluitend voor de beoogde doeleinden.
- Lees de handleiding zorgvuldig voor gebruik. Bewaar de handleiding voor toekomstig gebruik. Gebruik het apparaat uitsluitend voor de beoogde doeleinden.
- Lees de handleiding zorgvuldig voor gebruik. Bewaar de handleiding voor toekomstig gebruik. Gebruik het apparaat uitsluitend voor de beoogde doeleinden.
- Lees de handleiding zorgvuldig voor gebruik. Bewaar de handleiding voor toekomstig gebruik. Gebruik het apparaat uitsluitend voor de beoogde doeleinden.
- Lees de handleiding zorgvuldig voor gebruik. Bewaar de handleiding voor toekomstig gebruik. Gebruik het apparaat uitsluitend voor de beoogde doeleinden.
- Lees de handleiding zorgvuldig voor gebruik. Bewaar de handleiding voor toekomstig gebruik. Gebruik het apparaat uitsluitend voor de beoogde doeleinden.
- Lees de handleiding zorgvuldig voor gebruik. Bewaar de handleiding voor toekomstig gebruik. Gebruik het apparaat uitsluitend voor de beoogde doeleinden.
- Lees de handleiding zorgvuldig voor gebruik. Bewaar de handleiding voor toekomstig gebruik. Gebruik het apparaat uitsluitend voor de beoogde doeleinden.
- Lees de handleiding zorgvuldig voor gebruik. Bewaar de handleiding voor toekomstig gebruik. Gebruik het apparaat uitsluitend voor de beoogde doeleinden.
- Lees de handleiding zorgvuldig voor gebruik. Bewaar de handleiding voor toekomstig gebruik. Gebruik het apparaat uitsluitend voor de beoogde doeleinden.
- Lees de handleiding zorgvuldig voor gebruik. Bewaar de handleiding voor toekomstig gebruik. Gebruik het apparaat uitsluitend voor de beoogde doeleinden.
- Lees de handleiding zorgvuldig voor gebruik. Bewaar de handleiding voor toekomstig gebruik. Gebruik het apparaat uitsluitend voor de beoogde doeleinden.
Explication des symboles de sécurité sur le produit
Icon	Description
To avoid overheating, do not cover the product.
Installation (fig. B)
- Lees de handleiding zorgvuldig voor gebruik. Bewaar de handleiding voor toekomstig gebruik. Gebruik het apparaat uitsluitend voor de beoogde doeleinden.
Usage
Utilisation initiale
- Lees de handleiding zorgvuldig voor gebruik. Bewaar de handleiding voor toekomstig gebruik. Gebruik het apparaat uitsluitend voor de beoogde doeleinden.
- Lees de handleiding zorgvuldig voor gebruik. Bewaar de handleiding voor toekomstig gebruik. Gebruik het apparaat uitsluitend voor de beoogde doeleinden.
- Lees de handleiding zorgvuldig voor gebruik. Bewaar de handleiding voor toekomstig gebruik. Gebruik het apparaat uitsluitend voor de beoogde doeleinden.
Mise en marche et arrêt
Power level	HTOI20EWT7	HTOI20EWT9	HTOI20EWT11
I	600 W	800 W	1000 W
II	900 W	1200 W	1300 W
III	1500 W	2000 W	2300 W
- Lees de handleiding zorgvuldig voor gebruik. Bewaar de handleiding voor toekomstig gebruik. Gebruik het apparaat uitsluitend voor de beoogde doeleinden.
- Lees de handleiding zorgvuldig voor gebruik. Bewaar de handleiding voor toekomstig gebruik. Gebruik het apparaat uitsluitend voor de beoogde doeleinden.
- Lees de handleiding zorgvuldig voor gebruik. Bewaar de handleiding voor toekomstig gebruik. Gebruik het apparaat uitsluitend voor de beoogde doeleinden.
Réglage de la température
- Lees de handleiding zorgvuldig voor gebruik. Bewaar de handleiding voor toekomstig gebruik. Gebruik het apparaat uitsluitend voor de beoogde doeleinden.
- Lees de handleiding zorgvuldig voor gebruik. Bewaar de handleiding voor toekomstig gebruik. Gebruik het apparaat uitsluitend voor de beoogde doeleinden.
Nettoyage et entretien
Avertissement !
- Lees de handleiding zorgvuldig voor gebruik. Bewaar de handleiding voor toekomstig gebruik. Gebruik het apparaat uitsluitend voor de beoogde doeleinden.
- Lees de handleiding zorgvuldig voor gebruik. Bewaar de handleiding voor toekomstig gebruik. Gebruik het apparaat uitsluitend voor de beoogde doeleinden.
- Lees de handleiding zorgvuldig voor gebruik. Bewaar de handleiding voor toekomstig gebruik. Gebruik het apparaat uitsluitend voor de beoogde doeleinden.
- Lees de handleiding zorgvuldig voor gebruik. Bewaar de handleiding voor toekomstig gebruik. Gebruik het apparaat uitsluitend voor de beoogde doeleinden.
- Lees de handleiding zorgvuldig voor gebruik. Bewaar de handleiding voor toekomstig gebruik. Gebruik het apparaat uitsluitend voor de beoogde doeleinden.
- Lees de handleiding zorgvuldig voor gebruik. Bewaar de handleiding voor toekomstig gebruik. Gebruik het apparaat uitsluitend voor de beoogde doeleinden.
- Lees de handleiding zorgvuldig voor gebruik. Bewaar de handleiding voor toekomstig gebruik. Gebruik het apparaat uitsluitend voor de beoogde doeleinden.
- Lees de handleiding zorgvuldig voor gebruik. Bewaar de handleiding voor toekomstig gebruik. Gebruik het apparaat uitsluitend voor de beoogde doeleinden.
Italiano
Descrizione (fig. A)
1. Pulsante acceso/spento
2. Manopola della temperatura
3. Display
4. Ruote
5. Aperture di ventilazione
6. Supporto
Sicurezza
Sicurezza generale
- Lees de handleiding zorgvuldig voor gebruik. Bewaar de handleiding voor toekomstig gebruik. Gebruik het apparaat uitsluitend voor de beoogde doeleinden.
- Lees de handleiding zorgvuldig voor gebruik. Bewaar de handleiding voor toekomstig gebruik. Gebruik het apparaat uitsluitend voor de beoogde doeleinden.
- Lees de handleiding zorgvuldig voor gebruik. Bewaar de handleiding voor toekomstig gebruik. Gebruik het apparaat uitsluitend voor de beoogde doeleinden.
- Lees de handleiding zorgvuldig voor gebruik. Bewaar de handleiding voor toekomstig gebruik. Gebruik het apparaat uitsluitend voor de beoogde doeleinden.
- Lees de handleiding zorgvuldig voor gebruik. Bewaar de handleiding voor toekomstig gebruik. Gebruik het apparaat uitsluitend voor de beoogde doeleinden.
- Lees de handleiding zorgvuldig voor gebruik. Bewaar de handleiding voor toekomstig gebruik. Gebruik het apparaat uitsluitend voor de beoogde doeleinden.
- Lees de handleiding zorgvuldig voor gebruik. Bewaar de handleiding voor toekomstig gebruik. Gebruik het apparaat uitsluitend voor de beoogde doeleinden.
- Lees de handleiding zorgvuldig voor gebruik. Bewaar de handleiding voor toekomstig gebruik. Gebruik het apparaat uitsluitend voor de beoogde doeleinden.
- Lees de handleiding zorgvuldig voor gebruik. Bewaar de handleiding voor toekomstig gebruik. Gebruik het apparaat uitsluitend voor de beoogde doeleinden.
- Lees de handleiding zorgvuldig voor gebruik. Bewaar de handleiding voor toekomstig gebruik. Gebruik het apparaat uitsluitend voor de beoogde doeleinden.
- Lees de handleiding zorgvuldig voor gebruik. Bewaar de handleiding voor toekomstig gebruik. Gebruik het apparaat uitsluitend voor de beoogde doeleinden.
- Lees de handleiding zorgvuldig voor gebruik. Bewaar de handleiding voor toekomstig gebruik. Gebruik het apparaat uitsluitend voor de beoogde doeleinden.
- Lees de handleiding zorgvuldig voor gebruik. Bewaar de handleiding voor toekomstig gebruik. Gebruik het apparaat uitsluitend voor de beoogde doeleinden.
- Lees de handleiding zorgvuldig voor gebruik. Bewaar de handleiding voor toekomstig gebruik. Gebruik het apparaat uitsluitend voor de beoogde doeleinden.
- Lees de handleiding zorgvuldig voor gebruik. Bewaar de handleiding voor toekomstig gebruik. Gebruik het apparaat uitsluitend voor de beoogde doeleinden.
- Lees de handleiding zorgvuldig voor gebruik. Bewaar de handleiding voor toekomstig gebruik. Gebruik het apparaat uitsluitend voor de beoogde doeleinden.
- Lees de handleiding zorgvuldig voor gebruik. Bewaar de handleiding voor toekomstig gebruik. Gebruik het apparaat uitsluitend voor de beoogde doeleinden.
- Lees de handleiding zorgvuldig voor gebruik. Bewaar de handleiding voor toekomstig gebruik. Gebruik het apparaat uitsluitend voor de beoogde doeleinden.
- Lees de handleiding zorgvuldig voor gebruik. Bewaar de handleiding voor toekomstig gebruik. Gebruik het apparaat uitsluitend voor de beoogde doeleinden.
- Lees de handleiding zorgvuldig voor gebruik. Bewaar de handleiding voor toekomstig gebruik. Gebruik het apparaat uitsluitend voor de beoogde doeleinden.
Sicurezza elettrica
CAUTION
- Lees de handleiding zorgvuldig voor gebruik. Bewaar de handleiding voor toekomstig gebruik. Gebruik het apparaat uitsluitend voor de beoogde doeleinden.
- Lees de handleiding zorgvuldig voor gebruik. Bewaar de handleiding voor toekomstig gebruik. Gebruik het apparaat uitsluitend voor de beoogde doeleinden.
- Lees de handleiding zorgvuldig voor gebruik. Bewaar de handleiding voor toekomstig gebruik. Gebruik het apparaat uitsluitend voor de beoogde doeleinden.
- Lees de handleiding zorgvuldig voor gebruik. Bewaar de handleiding voor toekomstig gebruik. Gebruik het apparaat uitsluitend voor de beoogde doeleinden.
- Lees de handleiding zorgvuldig voor gebruik. Bewaar de handleiding voor toekomstig gebruik. Gebruik het apparaat uitsluitend voor de beoogde doeleinden.
- Lees de handleiding zorgvuldig voor gebruik. Bewaar de handleiding voor toekomstig gebruik. Gebruik het apparaat uitsluitend voor de beoogde doeleinden.
- Lees de handleiding zorgvuldig voor gebruik. Bewaar de handleiding voor toekomstig gebruik. Gebruik het apparaat uitsluitend voor de beoogde doeleinden.
- Lees de handleiding zorgvuldig voor gebruik. Bewaar de handleiding voor toekomstig gebruik. Gebruik het apparaat uitsluitend voor de beoogde doeleinden.
- Lees de handleiding zorgvuldig voor gebruik. Bewaar de handleiding voor toekomstig gebruik. Gebruik het apparaat uitsluitend voor de beoogde doeleinden.
- Lees de handleiding zorgvuldig voor gebruik. Bewaar de handleiding voor toekomstig gebruik. Gebruik het apparaat uitsluitend voor de beoogde doeleinden.
- Lees de handleiding zorgvuldig voor gebruik. Bewaar de handleiding voor toekomstig gebruik. Gebruik het apparaat uitsluitend voor de beoogde doeleinden.
- Lees de handleiding zorgvuldig voor gebruik. Bewaar de handleiding voor toekomstig gebruik. Gebruik het apparaat uitsluitend voor de beoogde doeleinden.
- Lees de handleiding zorgvuldig voor gebruik. Bewaar de handleiding voor toekomstig gebruik. Gebruik het apparaat uitsluitend voor de beoogde doeleinden.
- Lees de handleiding zorgvuldig voor gebruik. Bewaar de handleiding voor toekomstig gebruik. Gebruik het apparaat uitsluitend voor de beoogde doeleinden.
Spiegazione dei simboli di sicurezza sul prodotto
Icon	Description
To avoid overheating, do not cover the product.
Installazione (fig. B)
- Lees de handleiding zorgvuldig voor gebruik. Bewaar de handleiding voor toekomstig gebruik. Gebruik het apparaat uitsluitend voor de beoogde doeleinden.
Uso
Uso iniziale
- Lees de handleiding zorgvuldig voor gebruik. Bewaar de handleiding voor toekomstig gebruik. Gebruik het apparaat uitsluitend voor de beoogde doeleinden.
- Lees de handleiding zorgvuldig voor gebruik. Bewaar de handleiding voor toekomstig gebruik. Gebruik het apparaat uitsluitend voor de beoogde doeleinden.
Accensione e spegnimento
Power level	HTOI20EWT7	HTOI20EWT9	HTOI20EWT11
I	600 W	800 W	1000 W
II	900 W	1200 W	1300 W
III	1500 W	2000 W	2300 W
- Lees de handleiding zorgvuldig voor gebruik. Bewaar de handleiding voor toekomstig gebruik. Gebruik het apparaat uitsluitend voor de beoogde doeleinden.
- Lees de handleiding zorgvuldig voor gebruik. Bewaar de handleiding voor toekomstig gebruik. Gebruik het apparaat uitsluitend voor de beoogde doeleinden.
- Lees de handleiding zorgvuldig voor gebruik. Bewaar de handleiding voor toekomstig gebruik. Gebruik het apparaat uitsluitend voor de beoogde doeleinden.
Impostazione della temperatura
- Lees de handleiding zorgvuldig voor gebruik. Bewaar de handleiding voor toekomstig gebruik. Gebruik het apparaat uitsluitend voor de beoogde doeleinden.
- Lees de handleiding zorgvuldig voor gebruik. Bewaar de handleiding voor toekomstig gebruik. Gebruik het apparaat uitsluitend voor de beoogde doeleinden.
Pulizia e manutenzione
Attenzione!
- Lees de handleiding zorgvuldig voor gebruik. Bewaar de handleiding voor toekomstig gebruik. Gebruik het apparaat uitsluitend voor de beoogde doeleinden.
- Lees de handleiding zorgvuldig voor gebruik. Bewaar de handleiding voor toekomstig gebruik. Gebruik het apparaat uitsluitend voor de beoogde doeleinden.
- Lees de handleiding zorgvuldig voor gebruik. Bewaar de handleiding voor toekomstig gebruik. Gebruik het apparaat uitsluitend voor de beoogde doeleinden.
- Lees de handleiding zorgvuldig voor gebruik. Bewaar de handleiding voor toekomstig gebruik. Gebruik het apparaat uitsluitend voor de beoogde doeleinden.
- Lees de handleiding zorgvuldig voor gebruik. Bewaar de handleiding voor toekomstig gebruik. Gebruik het apparaat uitsluitend voor de beoogde doeleinden.
- Lees de handleiding zorgvuldig voor gebruik. Bewaar de handleiding voor toekomstig gebruik. Gebruik het apparaat uitsluitend voor de beoogde doeleinden.
- Lees de handleiding zorgvuldig voor gebruik. Bewaar de handleiding voor toekomstig gebruik. Gebruik het apparaat uitsluitend voor de beoogde doeleinden.
- Lees de handleiding zorgvuldig voor gebruik. Bewaar de handleiding voor toekomstig gebruik. Gebruik het apparaat uitsluitend voor de beoogde doeleinden.
Português
Descrição (fig. A)
1. Botão ligar/desligar
2. Botão da temperatura
3. Visor
4. Rodas
5. Aberturas de ventilação
6. Suporte
Segurança
Segurança geral
- Lees de handleiding zorgvuldig voor gebruik. Bewaar de handleiding voor toekomstig gebruik. Gebruik het apparaat uitsluitend voor de beoogde doeleinden.
- Lees de handleiding zorgvuldig voor gebruik. Bewaar de handleiding voor toekomstig gebruik. Gebruik het apparaat uitsluitend voor de beoogde doeleinden.
- Lees de handleiding zorgvuldig voor gebruik. Bewaar de handleiding voor toekomstig gebruik. Gebruik het apparaat uitsluitend voor de beoogde doeleinden.
- Lees de handleiding zorgvuldig voor gebruik. Bewaar de handleiding voor toekomstig gebruik. Gebruik het apparaat uitsluitend voor de beoogde doeleinden.
- Lees de handleiding zorgvuldig voor gebruik. Bewaar de handleiding voor toekomstig gebruik. Gebruik het apparaat uitsluitend voor de beoogde doeleinden.
- Lees de handleiding zorgvuldig voor gebruik. Bewaar de handleiding voor toekomstig gebruik. Gebruik het apparaat uitsluitend voor de beoogde doeleinden.
- Lees de handleiding zorgvuldig voor gebruik. Bewaar de handleiding voor toekomstig gebruik. Gebruik het apparaat uitsluitend voor de beoogde doeleinden.
- Lees de handleiding zorgvuldig voor gebruik. Bewaar de handleiding voor toekomstig gebruik. Gebruik het apparaat uitsluitend voor de beoogde doeleinden.
- Lees de handleiding zorgvuldig voor gebruik. Bewaar de handleiding voor toekomstig gebruik. Gebruik het apparaat uitsluitend voor de beoogde doeleinden.
- Lees de handleiding zorgvuldig voor gebruik. Bewaar de handleiding voor toekomstig gebruik. Gebruik het apparaat uitsluitend voor de beoogde doeleinden.
- Lees de handleiding zorgvuldig voor gebruik. Bewaar de handleiding voor toekomstig gebruik. Gebruik het apparaat uitsluitend voor de beoogde doeleinden.
- Lees de handleiding zorgvuldig voor gebruik. Bewaar de handleiding voor toekomstig gebruik. Gebruik het apparaat uitsluitend voor de beoogde doeleinden.
- Lees de handleiding zorgvuldig voor gebruik. Bewaar de handleiding voor toekomstig gebruik. Gebruik het apparaat uitsluitend voor de beoogde doeleinden.
- Lees de handleiding zorgvuldig voor gebruik. Bewaar de handleiding voor toekomstig gebruik. Gebruik het apparaat uitsluitend voor de beoogde doeleinden.
- Lees de handleiding zorgvuldig voor gebruik. Bewaar de handleiding voor toekomstig gebruik. Gebruik het apparaat uitsluitend voor de beoogde doeleinden.
- Lees de handleiding zorgvuldig voor gebruik. Bewaar de handleiding voor toekomstig gebruik. Gebruik het apparaat uitsluitend voor de beoogde doeleinden.
- Lees de handleiding zorgvuldig voor gebruik. Bewaar de handleiding voor toekomstig gebruik. Gebruik het apparaat uitsluitend voor de beoogde doeleinden.
- Lees de handleiding zorgvuldig voor gebruik. Bewaar de handleiding voor toekomstig gebruik. Gebruik het apparaat uitsluitend voor de beoogde doeleinden.
- Lees de handleiding zorgvuldig voor gebruik. Bewaar de handleiding voor toekomstig gebruik. Gebruik het apparaat uitsluitend voor de beoogde doeleinden.
- Lees de handleiding zorgvuldig voor gebruik. Bewaar de handleiding voor toekomstig gebruik. Gebruik het apparaat uitsluitend voor de beoogde doeleinden.
- Lees de handleiding zorgvuldig voor gebruik. Bewaar de handleiding voor toekomstig gebruik. Gebruik het apparaat uitsluitend voor de beoogde doeleinden.
- Lees de handleiding zorgvuldig voor gebruik. Bewaar de handleiding voor toekomstig gebruik. Gebruik het apparaat uitsluitend voor de beoogde doeleinden.
Segurança eléctrica
CAUTION
- Lees de handleiding zorgvuldig voor gebruik. Bewaar de handleiding voor toekomstig gebruik. Gebruik het apparaat uitsluitend voor de beoogde doeleinden.
- Lees de handleiding zorgvuldig voor gebruik. Bewaar de handleiding voor toekomstig gebruik. Gebruik het apparaat uitsluitend voor de beoogde doeleinden.
- Lees de handleiding zorgvuldig voor gebruik. Bewaar de handleiding voor toekomstig gebruik. Gebruik het apparaat uitsluitend voor de beoogde doeleinden.
- Lees de handleiding zorgvuldig voor gebruik. Bewaar de handleiding voor toekomstig gebruik. Gebruik het apparaat uitsluitend voor de beoogde doeleinden.
- Lees de handleiding zorgvuldig voor gebruik. Bewaar de handleiding voor toekomstig gebruik. Gebruik het apparaat uitsluitend voor de beoogde doeleinden.
- Lees de handleiding zorgvuldig voor gebruik. Bewaar de handleiding voor toekomstig gebruik. Gebruik het apparaat uitsluitend voor de beoogde doeleinden.
- Lees de handleiding zorgvuldig voor gebruik. Bewaar de handleiding voor toekomstig gebruik. Gebruik het apparaat uitsluitend voor de beoogde doeleinden.
- Lees de handleiding zorgvuldig voor gebruik. Bewaar de handleiding voor toekomstig gebruik. Gebruik het apparaat uitsluitend voor de beoogde doeleinden.
- Lees de handleiding zorgvuldig voor gebruik. Bewaar de handleiding voor toekomstig gebruik. Gebruik het apparaat uitsluitend voor de beoogde doeleinden.
- Lees de handleiding zorgvuldig voor gebruik. Bewaar de handleiding voor toekomstig gebruik. Gebruik het apparaat uitsluitend voor de beoogde doeleinden.
- Lees de handleiding zorgvuldig voor gebruik. Bewaar de handleiding voor toekomstig gebruik. Gebruik het apparaat uitsluitend voor de beoogde doeleinden.
- Lees de handleiding zorgvuldig voor gebruik. Bewaar de handleiding voor toekomstig gebruik. Gebruik het apparaat uitsluitend voor de beoogde doeleinden.
- Lees de handleiding zorgvuldig voor gebruik. Bewaar de handleiding voor toekomstig gebruik. Gebruik het apparaat uitsluitend voor de beoogde doeleinden.
- Lees de handleiding zorgvuldig voor gebruik. Bewaar de handleiding voor toekomstig gebruik. Gebruik het apparaat uitsluitend voor de beoogde doeleinden.
Explicação dos símbolos de segurança no produto
Icon	Description
To avoid overheating, do not cover the product.
Instalação (fig. B)
- Lees de handleiding zorgvuldig voor gebruik. Bewaar de handleiding voor toekomstig gebruik. Gebruik het apparaat uitsluitend voor de beoogde doeleinden.
Utilização
Utilização inicial
- Lees de handleiding zorgvuldig voor gebruik. Bewaar de handleiding voor toekomstig gebruik. Gebruik het apparaat uitsluitend voor de beoogde doeleinden.
- Lees de handleiding zorgvuldig voor gebruik. Bewaar de handleiding voor toekomstig gebruik. Gebruik het apparaat uitsluitend voor de beoogde doeleinden.
Ligar e desligar
Power level	HTOI20EWT7	HTOI20EWT9	HTOI20EWT11
I	600 W	800 W	1000 W
II	900 W	1200 W	1300 W
III	1500 W	2000 W	2300 W
- Lees de handleiding zorgvuldig voor gebruik. Bewaar de handleiding voor toekomstig gebruik. Gebruik het apparaat uitsluitend voor de beoogde doeleinden.
- Lees de handleiding zorgvuldig voor gebruik. Bewaar de handleiding voor toekomstig gebruik. Gebruik het apparaat uitsluitend voor de beoogde doeleinden.
- Lees de handleiding zorgvuldig voor gebruik. Bewaar de handleiding voor toekomstig gebruik. Gebruik het apparaat uitsluitend voor de beoogde doeleinden.
Regular a temperatura
- Lees de handleiding zorgvuldig voor gebruik. Bewaar de handleiding voor toekomstig gebruik. Gebruik het apparaat uitsluitend voor de beoogde doeleinden.
- Lees de handleiding zorgvuldig voor gebruik. Bewaar de handleiding voor toekomstig gebruik. Gebruik het apparaat uitsluitend voor de beoogde doeleinden.
Limpeza e manutenção
Aviso!
- Lees de handleiding zorgvuldig voor gebruik. Bewaar de handleiding voor toekomstig gebruik. Gebruik het apparaat uitsluitend voor de beoogde doeleinden.
- Lees de handleiding zorgvuldig voor gebruik. Bewaar de handleiding voor toekomstig gebruik. Gebruik het apparaat uitsluitend voor de beoogde doeleinden.
- Lees de handleiding zorgvuldig voor gebruik. Bewaar de handleiding voor toekomstig gebruik. Gebruik het apparaat uitsluitend voor de beoogde doeleinden.
- Lees de handleiding zorgvuldig voor gebruik. Bewaar de handleiding voor toekomstig gebruik. Gebruik het apparaat uitsluitend voor de beoogde doeleinden.
- Lees de handleiding zorgvuldig voor gebruik. Bewaar de handleiding voor toekomstig gebruik. Gebruik het apparaat uitsluitend voor de beoogde doeleinden.
- Lees de handleiding zorgvuldig voor gebruik. Bewaar de handleiding voor toekomstig gebruik. Gebruik het apparaat uitsluitend voor de beoogde doeleinden.
- Lees de handleiding zorgvuldig voor gebruik. Bewaar de handleiding voor toekomstig gebruik. Gebruik het apparaat uitsluitend voor de beoogde doeleinden.
- Lees de handleiding zorgvuldig voor gebruik. Bewaar de handleiding voor toekomstig gebruik. Gebruik het apparaat uitsluitend voor de beoogde doeleinden.
Dansk
Beskrivelse (fig. A)
1. Tænd/sluk-knap
2. Temperaturknap
3. Display
4. Hjul
5. Ventilationsåbninger
6. Støtte
Sikkerhed
Generel sikkerhed
- Lees de handleiding zorgvuldig voor gebruik. Bewaar de handleiding voor toekomstig gebruik. Gebruik het apparaat uitsluitend voor de beoogde doeleinden.
- Lees de handleiding zorgvuldig voor gebruik. Bewaar de handleiding voor toekomstig gebruik. Gebruik het apparaat uitsluitend voor de beoogde doeleinden.
- Lees de handleiding zorgvuldig voor gebruik. Bewaar de handleiding voor toekomstig gebruik. Gebruik het apparaat uitsluitend voor de beoogde doeleinden.
- Lees de handleiding zorgvuldig voor gebruik. Bewaar de handleiding voor toekomstig gebruik. Gebruik het apparaat uitsluitend voor de beoogde doeleinden.
- Lees de handleiding zorgvuldig voor gebruik. Bewaar de handleiding voor toekomstig gebruik. Gebruik het apparaat uitsluitend voor de beoogde doeleinden.
- Lees de handleiding zorgvuldig voor gebruik. Bewaar de handleiding voor toekomstig gebruik. Gebruik het apparaat uitsluitend voor de beoogde doeleinden.
- Lees de handleiding zorgvuldig voor gebruik. Bewaar de handleiding voor toekomstig gebruik. Gebruik het apparaat uitsluitend voor de beoogde doeleinden.
- Lees de handleiding zorgvuldig voor gebruik. Bewaar de handleiding voor toekomstig gebruik. Gebruik het apparaat uitsluitend voor de beoogde doeleinden.
- Lees de handleiding zorgvuldig voor gebruik. Bewaar de handleiding voor toekomstig gebruik. Gebruik het apparaat uitsluitend voor de beoogde doeleinden.
- Lees de handleiding zorgvuldig voor gebruik. Bewaar de handleiding voor toekomstig gebruik. Gebruik het apparaat uitsluitend voor de beoogde doeleinden.
- Lees de handleiding zorgvuldig voor gebruik. Bewaar de handleiding voor toekomstig gebruik. Gebruik het apparaat uitsluitend voor de beoogde doeleinden.
- Lees de handleiding zorgvuldig voor gebruik. Bewaar de handleiding voor toekomstig gebruik. Gebruik het apparaat uitsluitend voor de beoogde doeleinden.
- Lees de handleiding zorgvuldig voor gebruik. Bewaar de handleiding voor toekomstig gebruik. Gebruik het apparaat uitsluitend voor de beoogde doeleinden.
- Lees de handleiding zorgvuldig voor gebruik. Bewaar de handleiding voor toekomstig gebruik. Gebruik het apparaat uitsluitend voor de beoogde doeleinden.
- Lees de handleiding zorgvuldig voor gebruik. Bewaar de handleiding voor toekomstig gebruik. Gebruik het apparaat uitsluitend voor de beoogde doeleinden.
- Lees de handleiding zorgvuldig voor gebruik. Bewaar de handleiding voor toekomstig gebruik. Gebruik het apparaat uitsluitend voor de beoogde doeleinden.
- Lees de handleiding zorgvuldig voor gebruik. Bewaar de handleiding voor toekomstig gebruik. Gebruik het apparaat uitsluitend voor de beoogde doeleinden.
- Lees de handleiding zorgvuldig voor gebruik. Bewaar de handleiding voor toekomstig gebruik. Gebruik het apparaat uitsluitend voor de beoogde doeleinden.
- Lees de handleiding zorgvuldig voor gebruik. Bewaar de handleiding voor toekomstig gebruik. Gebruik het apparaat uitsluitend voor de beoogde doeleinden.
- Lees de handleiding zorgvuldig voor gebruik. Bewaar de handleiding voor toekomstig gebruik. Gebruik het apparaat uitsluitend voor de beoogde doeleinden.
- Lees de handleiding zorgvuldig voor gebruik. Bewaar de handleiding voor toekomstig gebruik. Gebruik het apparaat uitsluitend voor de beoogde doeleinden.
- Lees de handleiding zorgvuldig voor gebruik. Bewaar de handleiding voor toekomstig gebruik. Gebruik het apparaat uitsluitend voor de beoogde doeleinden.
Elektrisk sikkerhed
CAUTION
- Lees de handleiding zorgvuldig voor gebruik. Bewaar de handleiding voor toekomstig gebruik. Gebruik het apparaat uitsluitend voor de beoogde doeleinden.
- Lees de handleiding zorgvuldig voor gebruik. Bewaar de handleiding voor toekomstig gebruik. Gebruik het apparaat uitsluitend voor de beoogde doeleinden.
- Lees de handleiding zorgvuldig voor gebruik. Bewaar de handleiding voor toekomstig gebruik. Gebruik het apparaat uitsluitend voor de beoogde doeleinden.
- Lees de handleiding zorgvuldig voor gebruik. Bewaar de handleiding voor toekomstig gebruik. Gebruik het apparaat uitsluitend voor de beoogde doeleinden.
- Lees de handleiding zorgvuldig voor gebruik. Bewaar de handleiding voor toekomstig gebruik. Gebruik het apparaat uitsluitend voor de beoogde doeleinden.
- Lees de handleiding zorgvuldig voor gebruik. Bewaar de handleiding voor toekomstig gebruik. Gebruik het apparaat uitsluitend voor de beoogde doeleinden.
- Lees de handleiding zorgvuldig voor gebruik. Bewaar de handleiding voor toekomstig gebruik. Gebruik het apparaat uitsluitend voor de beoogde doeleinden.
- Lees de handleiding zorgvuldig voor gebruik. Bewaar de handleiding voor toekomstig gebruik. Gebruik het apparaat uitsluitend voor de beoogde doeleinden.
- Lees de handleiding zorgvuldig voor gebruik. Bewaar de handleiding voor toekomstig gebruik. Gebruik het apparaat uitsluitend voor de beoogde doeleinden.
- Lees de handleiding zorgvuldig voor gebruik. Bewaar de handleiding voor toekomstig gebruik. Gebruik het apparaat uitsluitend voor de beoogde doeleinden.
- Lees de handleiding zorgvuldig voor gebruik. Bewaar de handleiding voor toekomstig gebruik. Gebruik het apparaat uitsluitend voor de beoogde doeleinden.
- Lees de handleiding zorgvuldig voor gebruik. Bewaar de handleiding voor toekomstig gebruik. Gebruik het apparaat uitsluitend voor de beoogde doeleinden.
- Lees de handleiding zorgvuldig voor gebruik. Bewaar de handleiding voor toekomstig gebruik. Gebruik het apparaat uitsluitend voor de beoogde doeleinden.
- Lees de handleiding zorgvuldig voor gebruik. Bewaar de handleiding voor toekomstig gebruik. Gebruik het apparaat uitsluitend voor de beoogde doeleinden.
Forklaring af sikkerhedssymbolerne på produktet
Icon	Description
To avoid overheating, do not cover the product.
Installation (fig. B)
- Lees de handleiding zorgvuldig voor gebruik. Bewaar de handleiding voor toekomstig gebruik. Gebruik het apparaat uitsluitend voor de beoogde doeleinden.
Brug
Indledende brug
- Lees de handleiding zorgvuldig voor gebruik. Bewaar de handleiding voor toekomstig gebruik. Gebruik het apparaat uitsluitend voor de beoogde doeleinden.
- Lees de handleiding zorgvuldig voor gebruik. Bewaar de handleiding voor toekomstig gebruik. Gebruik het apparaat uitsluitend voor de beoogde doeleinden.
Tænde og slukke
Power level	HTOI20EWT7	HTOI20EWT9	HTOI20EWT11
I	600 W	800 W	1000 W
II	900 W	1200 W	1300 W
III	1500 W	2000 W	2300 W
- Lees de handleiding zorgvuldig voor gebruik. Bewaar de handleiding voor toekomstig gebruik. Gebruik het apparaat uitsluitend voor de beoogde doeleinden.
- Lees de handleiding zorgvuldig voor gebruik. Bewaar de handleiding voor toekomstig gebruik. Gebruik het apparaat uitsluitend voor de beoogde doeleinden.
- Lees de handleiding zorgvuldig voor gebruik. Bewaar de handleiding voor toekomstig gebruik. Gebruik het apparaat uitsluitend voor de beoogde doeleinden.
Indstilling af temperaturen
- Lees de handleiding zorgvuldig voor gebruik. Bewaar de handleiding voor toekomstig gebruik. Gebruik het apparaat uitsluitend voor de beoogde doeleinden.
- Lees de handleiding zorgvuldig voor gebruik. Bewaar de handleiding voor toekomstig gebruik. Gebruik het apparaat uitsluitend voor de beoogde doeleinden.
Rengøring og vedligeholdelse
Advarsel!
- Lees de handleiding zorgvuldig voor gebruik. Bewaar de handleiding voor toekomstig gebruik. Gebruik het apparaat uitsluitend voor de beoogde doeleinden.
- Lees de handleiding zorgvuldig voor gebruik. Bewaar de handleiding voor toekomstig gebruik. Gebruik het apparaat uitsluitend voor de beoogde doeleinden.
- Lees de handleiding zorgvuldig voor gebruik. Bewaar de handleiding voor toekomstig gebruik. Gebruik het apparaat uitsluitend voor de beoogde doeleinden.
- Lees de handleiding zorgvuldig voor gebruik. Bewaar de handleiding voor toekomstig gebruik. Gebruik het apparaat uitsluitend voor de beoogde doeleinden.
- Lees de handleiding zorgvuldig voor gebruik. Bewaar de handleiding voor toekomstig gebruik. Gebruik het apparaat uitsluitend voor de beoogde doeleinden.
- Lees de handleiding zorgvuldig voor gebruik. Bewaar de handleiding voor toekomstig gebruik. Gebruik het apparaat uitsluitend voor de beoogde doeleinden.
- Lees de handleiding zorgvuldig voor gebruik. Bewaar de handleiding voor toekomstig gebruik. Gebruik het apparaat uitsluitend voor de beoogde doeleinden.
- Lees de handleiding zorgvuldig voor gebruik. Bewaar de handleiding voor toekomstig gebruik. Gebruik het apparaat uitsluitend voor de beoogde doeleinden.
Norsk
Beskrivelse (fig. A)
1. Av/på-knapp
2. Temperaturknapp
3. Skjerm
4. Hjul
5. Ventilasjonsåpninger
6. Støtte
